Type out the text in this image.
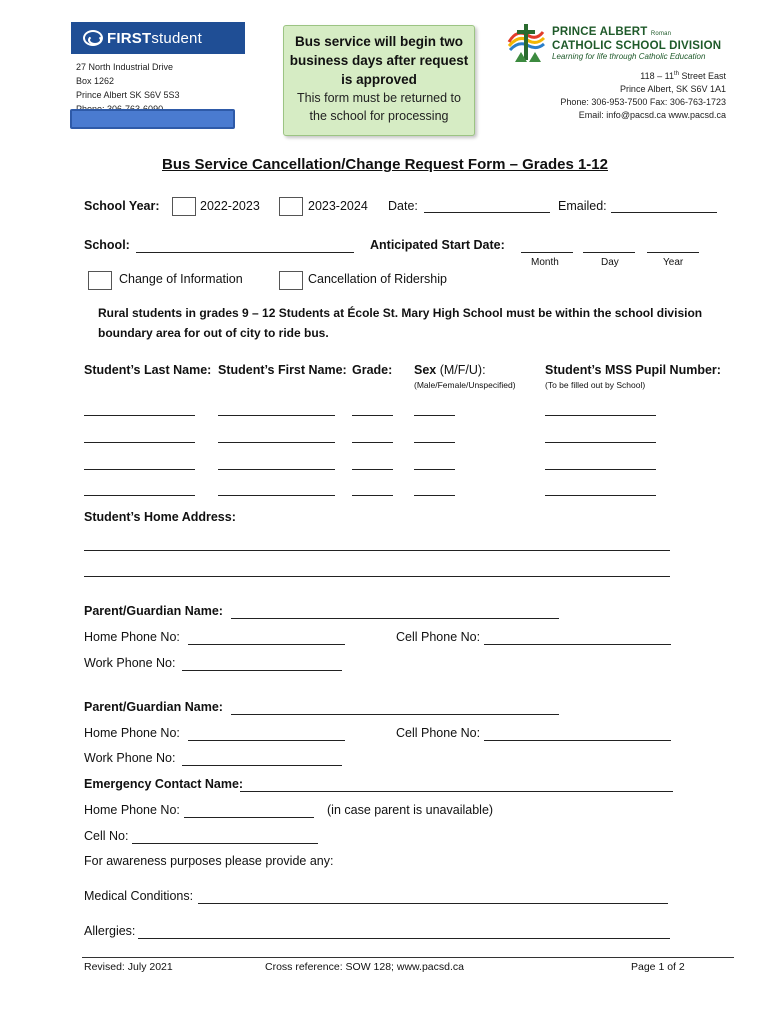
FIRSTstudent
27 North Industrial Drive
Box 1262
Prince Albert SK S6V 5S3
Bus service will begin two
business days after request
is approved
This form must be returned to
the school for processing
PRINCE ALBERT Roman
CATHOLIC SCHOOL DIVISION
Learning for life through Catholic Education
118 – 11th Street East
Prince Albert, SK S6V 1A1
Phone: 306-953-7500 Fax: 306-763-1723
Email: info@pacsd.ca www.pacsd.ca
Bus Service Cancellation/Change Request Form – Grades 1-12
School Year:	2022-2023	2023-2024 Date:	Emailed:
School:	Anticipated Start Date:
Month	Day	Year
Change of Information	Cancellation of Ridership
Rural students in grades 9 – 12 Students at École St. Mary High School must be within the school division
boundary area for out of city to ride bus.
Student’s Last Name: Student’s First Name: Grade: Sex (M/F/U):
(Male/Female/Unspecified)
Student’s MSS Pupil Number:
(To be filled out by School)
Student’s Home Address:
Parent/Guardian Name:
Home Phone No:	Cell Phone No:
Work Phone No:
Parent/Guardian Name:
Home Phone No:	Cell Phone No:
Work Phone No:
Emergency Contact Name:
Home Phone No:	(in case parent is unavailable)
Cell No:
For awareness purposes please provide any:
Medical Conditions:
Allergies:
Revised: July 2021	Cross reference: SOW 128; www.pacsd.ca	Page 1 of 2
